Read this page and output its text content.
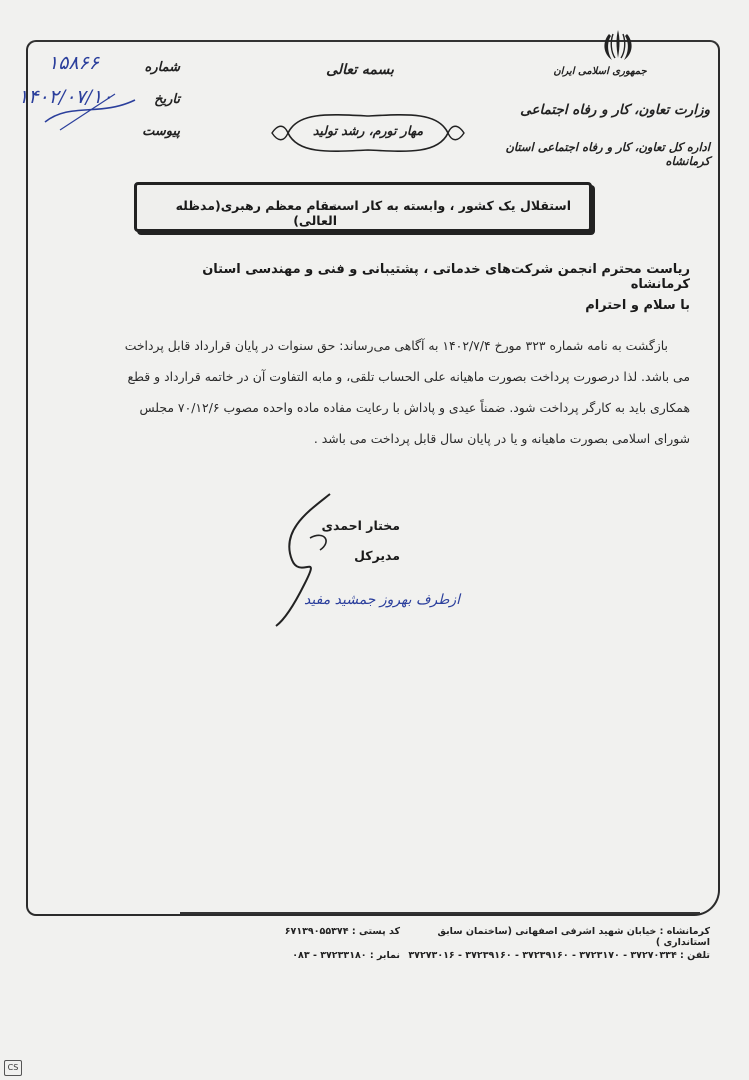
۱۵۸۶۶	شماره
۱۴۰۲/۰۷/۱۰	تاریخ
پیوست
بسمه تعالی
مهار تورم، رشد تولید
جمهوری اسلامی ایران
وزارت تعاون، کار و رفاه اجتماعی
اداره کل تعاون، کار و رفاه اجتماعی استان کرمانشاه
استقلال یک کشور ، وابسته به کار است.
مقام معظم رهبری(مدظله العالی)
ریاست محترم انجمن شرکت‌های خدماتی ، پشتیبانی و فنی و مهندسی استان کرمانشاه
با سلام و احترام
بازگشت به نامه شماره ۳۲۳ مورخ ۱۴۰۲/۷/۴ به آگاهی می‌رساند: حق سنوات در پایان قرارداد قابل پرداخت
می باشد. لذا درصورت پرداخت بصورت ماهیانه علی الحساب تلقی، و مابه التفاوت آن در خاتمه قرارداد و قطع
همکاری باید به کارگر پرداخت شود. ضمناً عیدی و پاداش با رعایت مفاده ماده واحده مصوب ۷۰/۱۲/۶ مجلس
شورای اسلامی بصورت ماهیانه و یا در پایان سال قابل پرداخت می باشد .
مختار احمدی
مدیرکل
ازطرف بهروز جمشید مفید
کرمانشاه : خیابان شهید اشرفی اصفهانی (ساختمان سابق استانداری )
تلفن : ۳۷۲۷۰۳۳۴ - ۳۷۲۳۱۷۰ - ۳۷۲۳۹۱۶۰ - ۳۷۲۳۹۱۶۰ - ۳۷۲۷۳۰۱۶
کد پستی : ۶۷۱۳۹۰۵۵۳۷۴
نمابر : ۳۷۲۳۳۱۸۰ - ۰۸۳
CS
